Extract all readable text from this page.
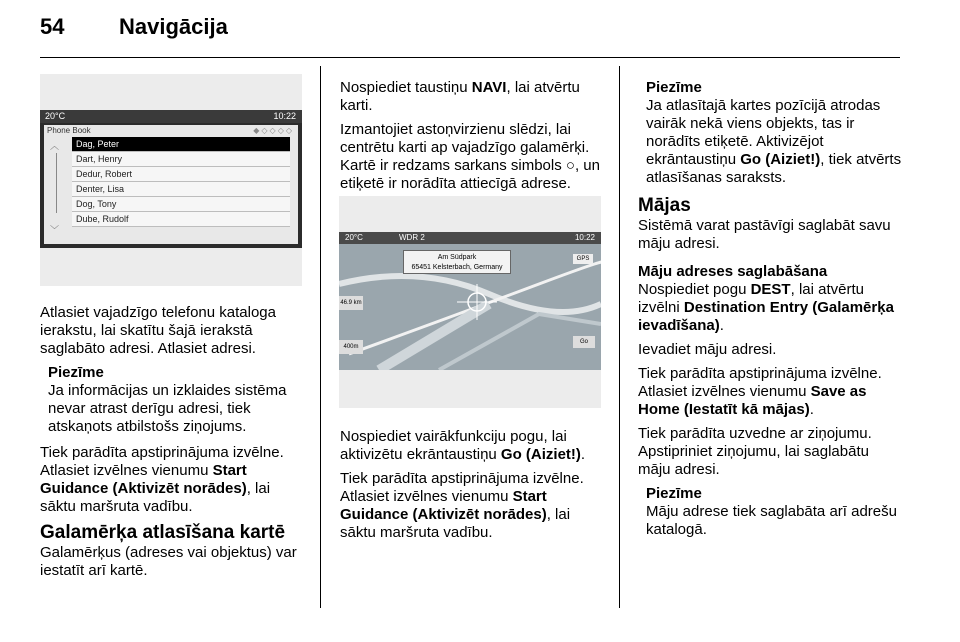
54 Navigācija
20°C	10:22
Phone Book	◆◇◇◇◇
︿
﹀
Dag, Peter
Dart, Henry
Dedur, Robert
Denter, Lisa
Dog, Tony
Dube, Rudolf

Atlasiet vajadzīgo telefonu kataloga ierakstu, lai skatītu šajā ierakstā saglabāto adresi. Atlasiet adresi.

Piezīme
Ja informācijas un izklaides sistēma nevar atrast derīgu adresi, tiek atskaņots atbilstošs ziņojums.

Tiek parādīta apstiprinājuma izvēlne. Atlasiet izvēlnes vienumu Start Guidance (Aktivizēt norādes), lai sāktu maršruta vadību.

Galamērķa atlasīšana kartē

Galamērķus (adreses vai objektus) var iestatīt arī kartē.

Nospiediet taustiņu NAVI, lai atvērtu karti.

Izmantojiet astoņvirzienu slēdzi, lai centrētu karti ap vajadzīgo galamērķi. Kartē ir redzams sarkans simbols ○, un etiķetē ir norādīta attiecīgā adrese.

20°C	WDR 2	10:22
Am Südpark
65451 Kelsterbach, Germany
GPS
Go
46.9 km
400m

Nospiediet vairākfunkciju pogu, lai aktivizētu ekrāntaustiņu Go (Aiziet!).

Tiek parādīta apstiprinājuma izvēlne. Atlasiet izvēlnes vienumu Start Guidance (Aktivizēt norādes), lai sāktu maršruta vadību.

Piezīme
Ja atlasītajā kartes pozīcijā atrodas vairāk nekā viens objekts, tas ir norādīts etiķetē. Aktivizējot ekrāntaustiņu Go (Aiziet!), tiek atvērts atlasīšanas saraksts.
Mājas

Sistēmā varat pastāvīgi saglabāt savu māju adresi.

Māju adreses saglabāšana

Nospiediet pogu DEST, lai atvērtu izvēlni Destination Entry (Galamērķa ievadīšana).

Ievadiet māju adresi.

Tiek parādīta apstiprinājuma izvēlne. Atlasiet izvēlnes vienumu Save as Home (Iestatīt kā mājas).

Tiek parādīta uzvedne ar ziņojumu. Apstipriniet ziņojumu, lai saglabātu māju adresi.

Piezīme
Māju adrese tiek saglabāta arī adrešu katalogā.
